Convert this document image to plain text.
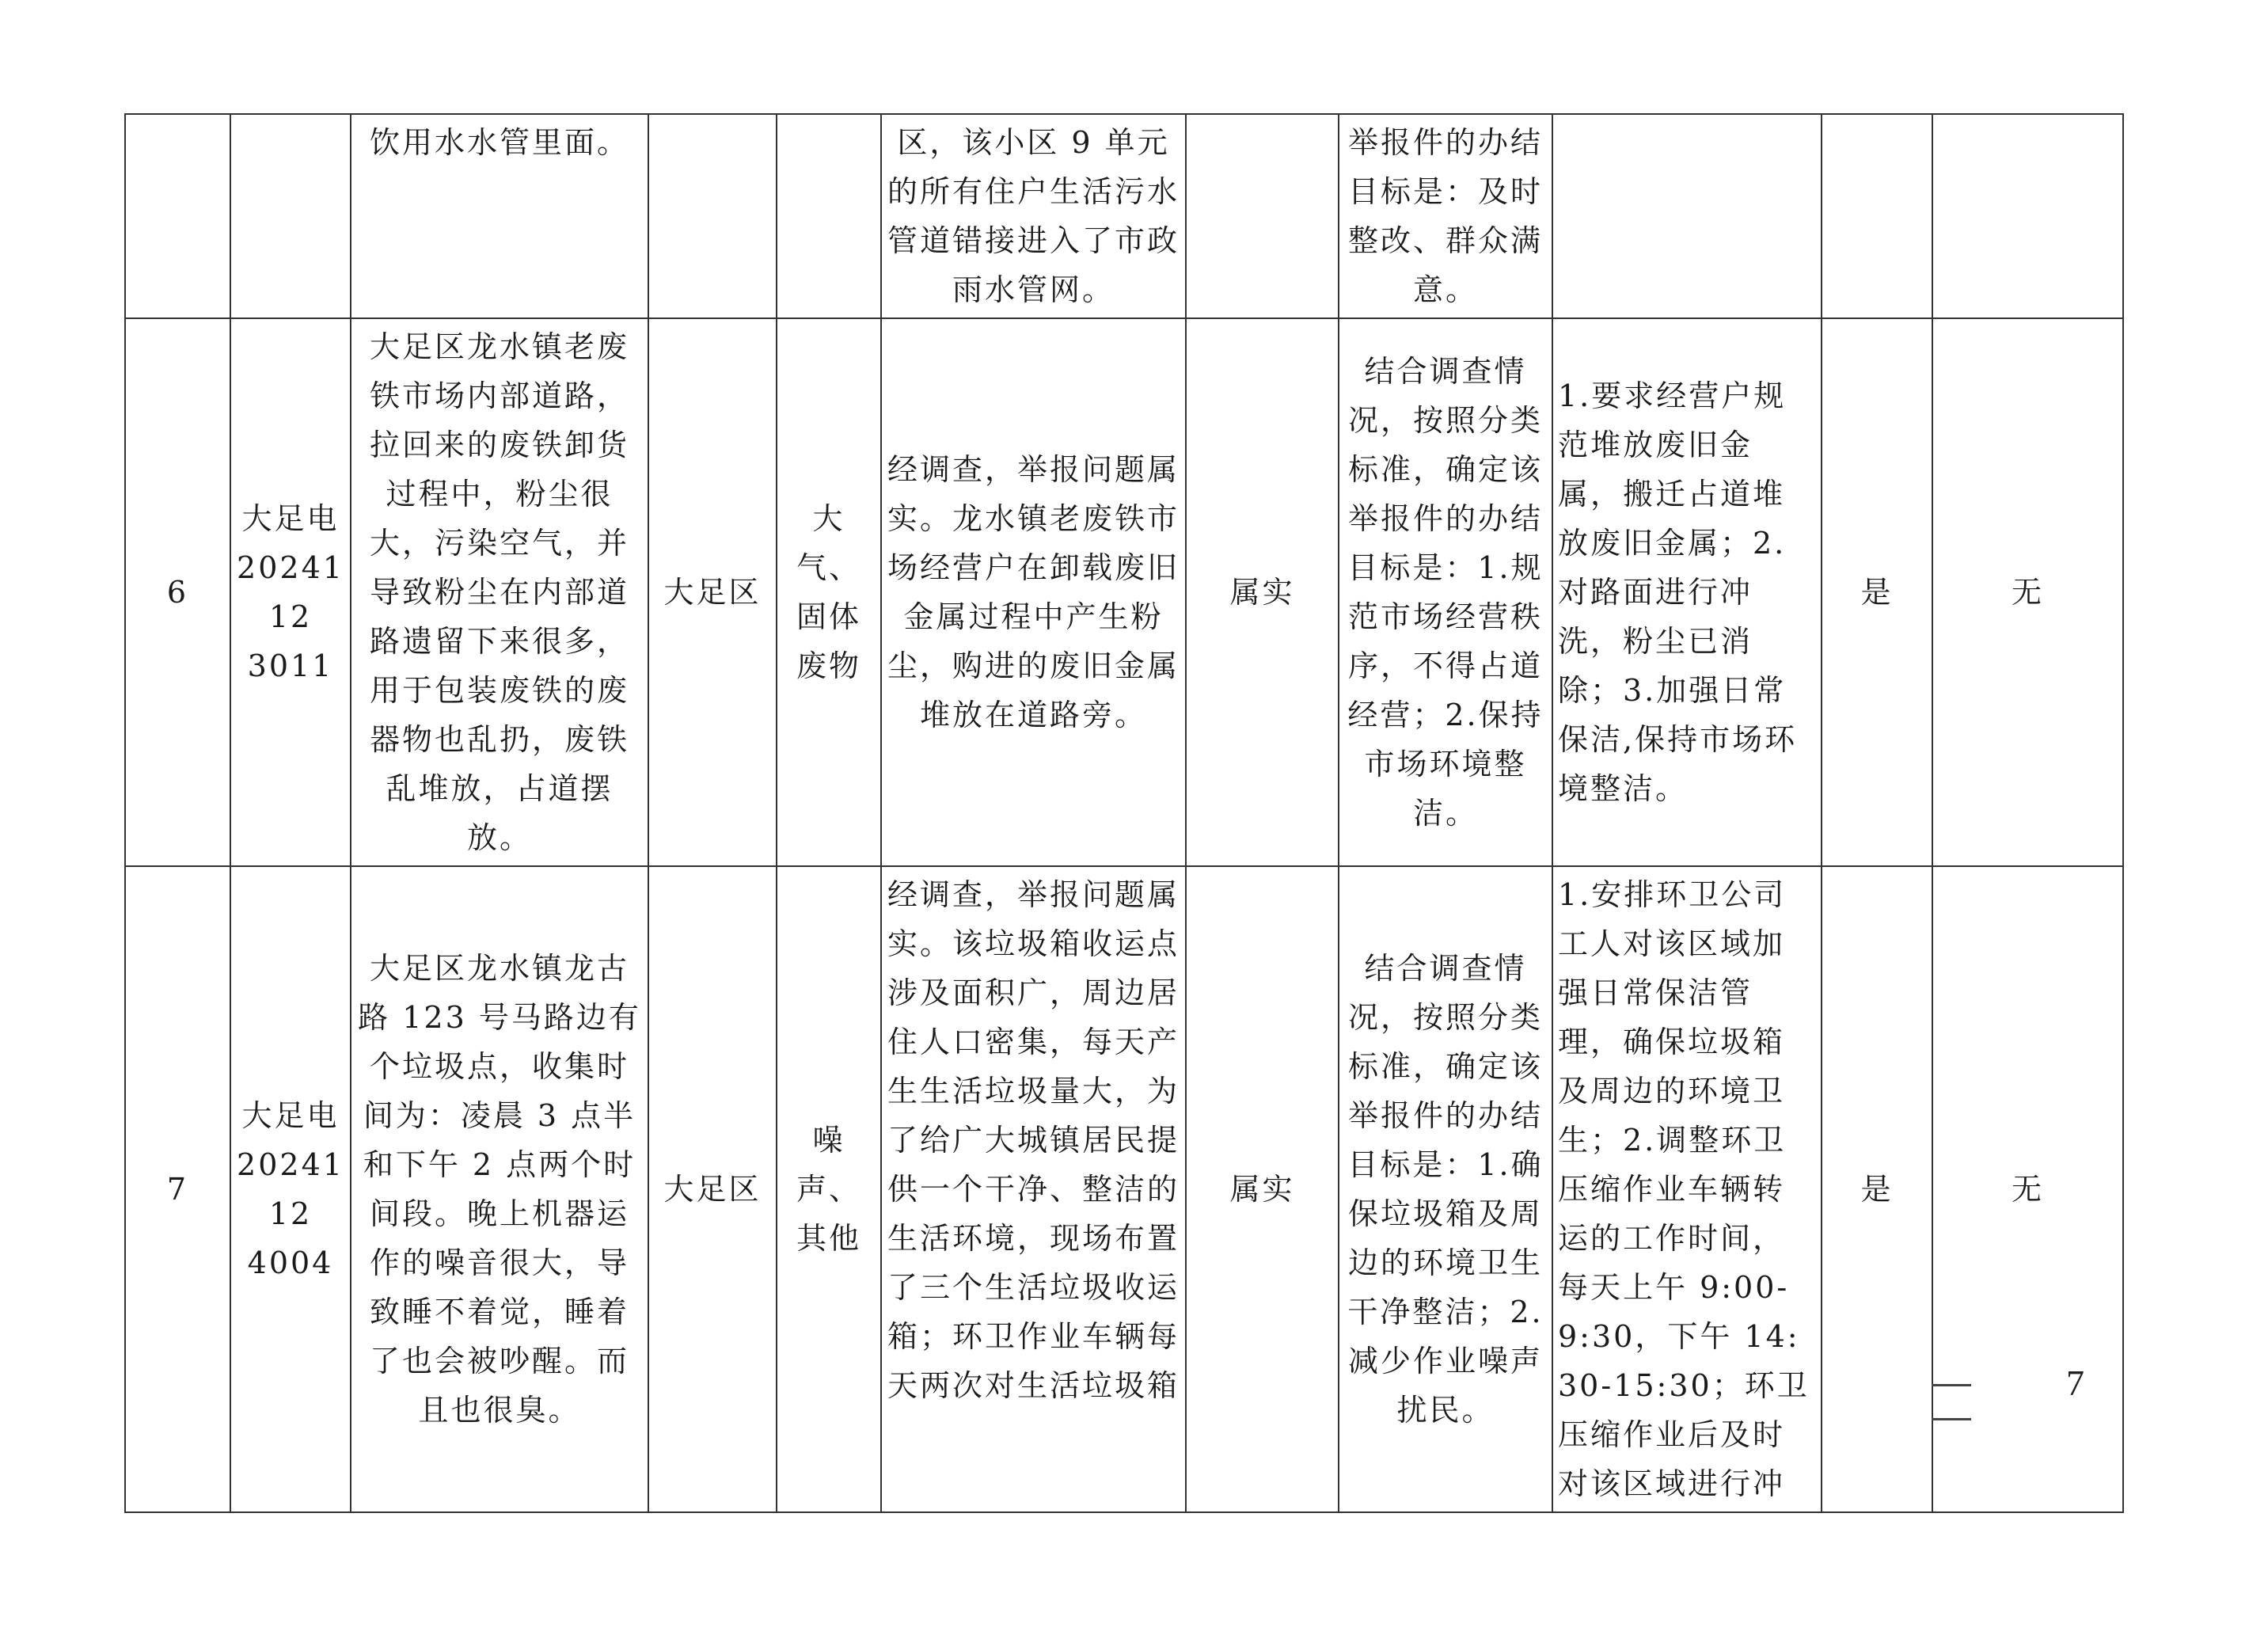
		饮用水水管里面。			区，该小区 9 单元的所有住户生活污水管道错接进入了市政雨水管网。		举报件的办结目标是：及时整改、群众满意。			

6	大足电
2024112
3011	大足区龙水镇老废铁市场内部道路，拉回来的废铁卸货过程中，粉尘很大，污染空气，并导致粉尘在内部道路遗留下来很多，用于包装废铁的废器物也乱扔，废铁乱堆放，占道摆放。	大足区	大气、固体废物	经调查，举报问题属实。龙水镇老废铁市场经营户在卸载废旧金属过程中产生粉尘，购进的废旧金属堆放在道路旁。	属实	结合调查情况，按照分类标准，确定该举报件的办结目标是：1.规范市场经营秩序，不得占道经营；2.保持市场环境整洁。	1.要求经营户规范堆放废旧金属，搬迁占道堆放废旧金属；2.对路面进行冲洗，粉尘已消除；3.加强日常保洁,保持市场环境整洁。	是	无

7	大足电
2024112
4004	大足区龙水镇龙古路 123 号马路边有个垃圾点，收集时间为：凌晨 3 点半和下午 2 点两个时间段。晚上机器运作的噪音很大，导致睡不着觉，睡着了也会被吵醒。而且也很臭。	大足区	噪声、其他	经调查，举报问题属实。该垃圾箱收运点涉及面积广，周边居住人口密集，每天产生生活垃圾量大，为了给广大城镇居民提供一个干净、整洁的生活环境，现场布置了三个生活垃圾收运箱；环卫作业车辆每天两次对生活垃圾箱	属实	结合调查情况，按照分类标准，确定该举报件的办结目标是：1.确保垃圾箱及周边的环境卫生干净整洁；2.减少作业噪声扰民。	1.安排环卫公司工人对该区域加强日常保洁管理，确保垃圾箱及周边的环境卫生；2.调整环卫压缩作业车辆转运的工作时间，每天上午 9:00-9:30，下午 14:30-15:30；环卫压缩作业后及时对该区域进行冲	是	无
7
